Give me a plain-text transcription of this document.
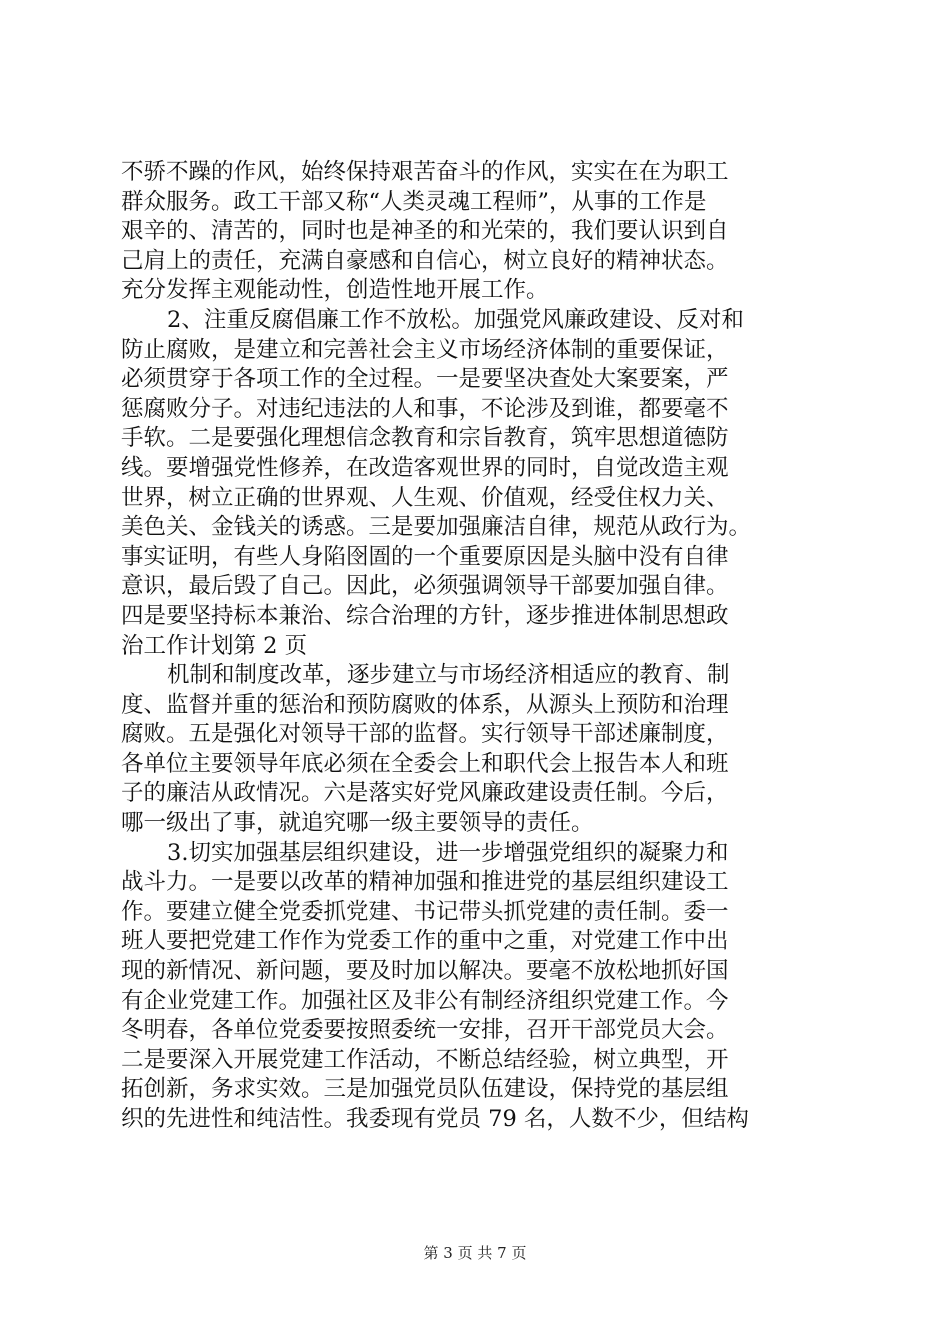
不骄不躁的作风，始终保持艰苦奋斗的作风，实实在在为职工
群众服务。政工干部又称“人类灵魂工程师”，从事的工作是
艰辛的、清苦的，同时也是神圣的和光荣的，我们要认识到自
己肩上的责任，充满自豪感和自信心，树立良好的精神状态。
充分发挥主观能动性，创造性地开展工作。
2、注重反腐倡廉工作不放松。加强党风廉政建设、反对和
防止腐败，是建立和完善社会主义市场经济体制的重要保证，
必须贯穿于各项工作的全过程。一是要坚决查处大案要案，严
惩腐败分子。对违纪违法的人和事，不论涉及到谁，都要毫不
手软。二是要强化理想信念教育和宗旨教育，筑牢思想道德防
线。要增强党性修养，在改造客观世界的同时，自觉改造主观
世界，树立正确的世界观、人生观、价值观，经受住权力关、
美色关、金钱关的诱惑。三是要加强廉洁自律，规范从政行为。
事实证明，有些人身陷囹圄的一个重要原因是头脑中没有自律
意识，最后毁了自己。因此，必须强调领导干部要加强自律。
四是要坚持标本兼治、综合治理的方针，逐步推进体制思想政
治工作计划第 2 页
机制和制度改革，逐步建立与市场经济相适应的教育、制
度、监督并重的惩治和预防腐败的体系，从源头上预防和治理
腐败。五是强化对领导干部的监督。实行领导干部述廉制度，
各单位主要领导年底必须在全委会上和职代会上报告本人和班
子的廉洁从政情况。六是落实好党风廉政建设责任制。今后，
哪一级出了事，就追究哪一级主要领导的责任。
3.切实加强基层组织建设，进一步增强党组织的凝聚力和
战斗力。一是要以改革的精神加强和推进党的基层组织建设工
作。要建立健全党委抓党建、书记带头抓党建的责任制。委一
班人要把党建工作作为党委工作的重中之重，对党建工作中出
现的新情况、新问题，要及时加以解决。要毫不放松地抓好国
有企业党建工作。加强社区及非公有制经济组织党建工作。今
冬明春，各单位党委要按照委统一安排，召开干部党员大会。
二是要深入开展党建工作活动，不断总结经验，树立典型，开
拓创新，务求实效。三是加强党员队伍建设，保持党的基层组
织的先进性和纯洁性。我委现有党员 79 名，人数不少，但结构
第 3 页 共 7 页
